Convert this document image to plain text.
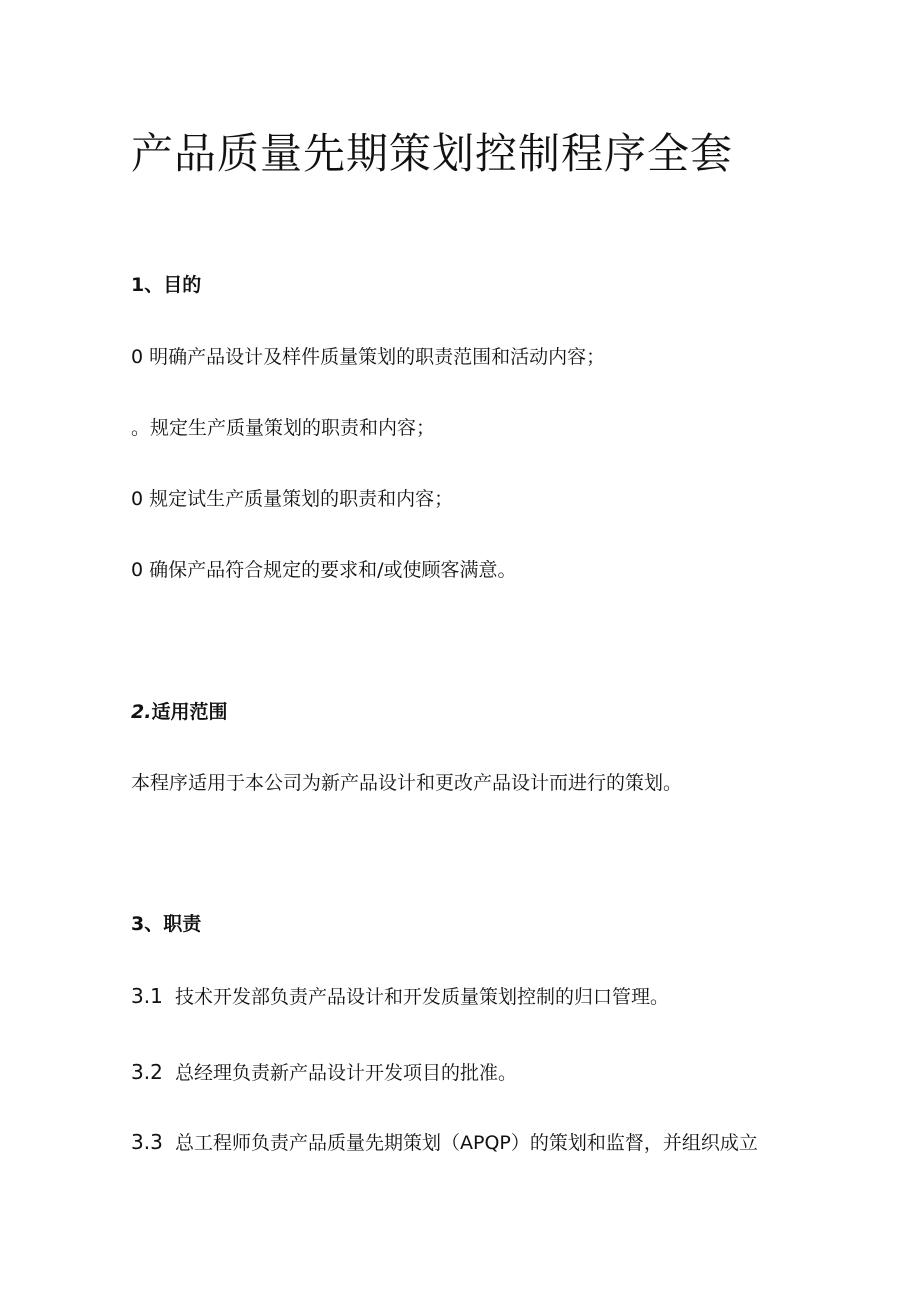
产品质量先期策划控制程序全套
1、目的

0 明确产品设计及样件质量策划的职责范围和活动内容；

。规定生产质量策划的职责和内容；

0 规定试生产质量策划的职责和内容；

0 确保产品符合规定的要求和/或使顾客满意。

2.适用范围

本程序适用于本公司为新产品设计和更改产品设计而进行的策划。

3、职责

3.1 技术开发部负责产品设计和开发质量策划控制的归口管理。

3.2 总经理负责新产品设计开发项目的批准。

3.3 总工程师负责产品质量先期策划（APQP）的策划和监督，并组织成立
